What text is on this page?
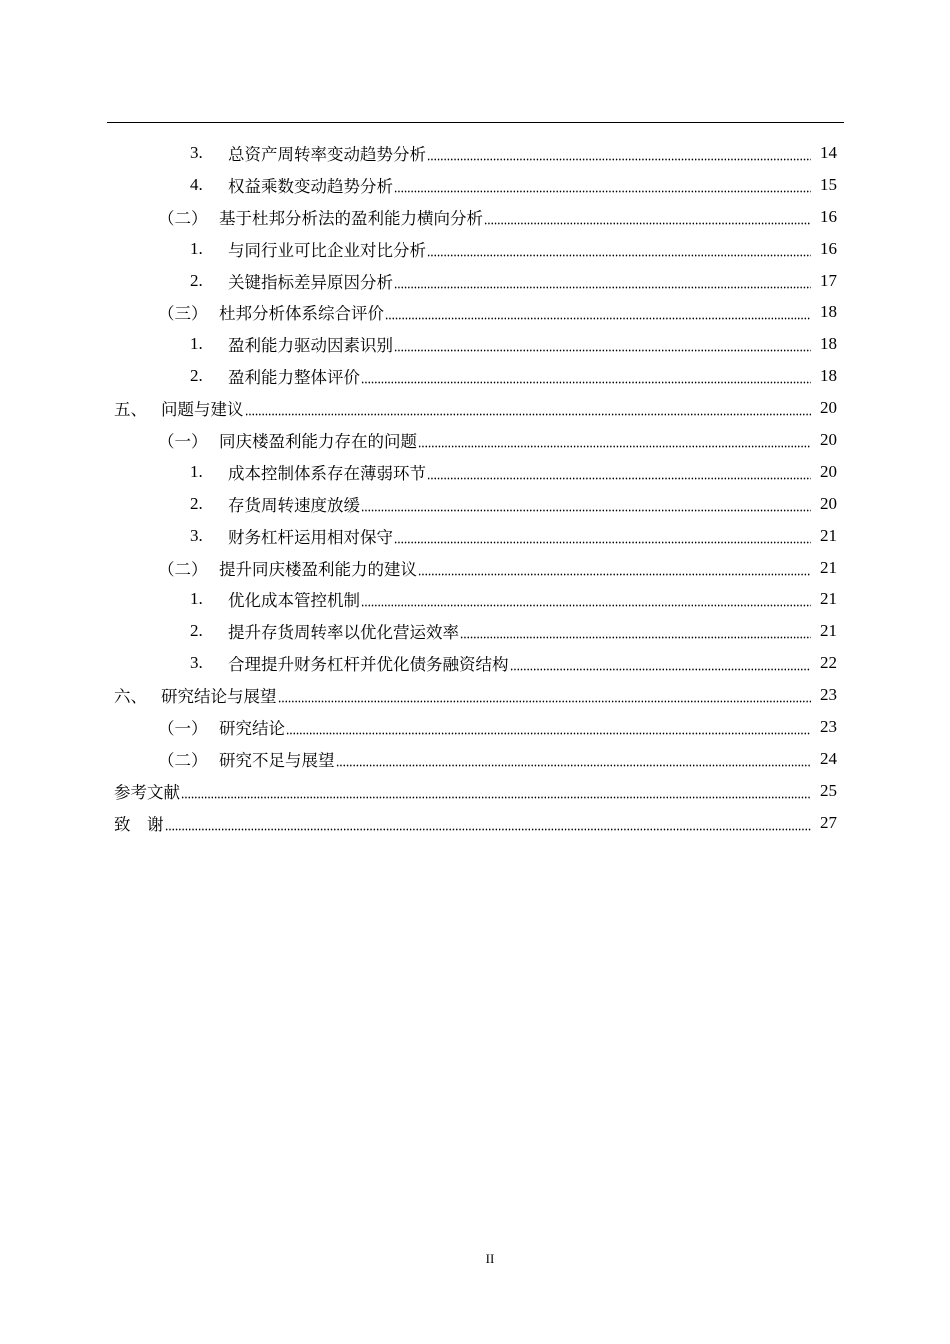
3.	总资产周转率变动趋势分析	14
4.	权益乘数变动趋势分析	15
（二） 基于杜邦分析法的盈利能力横向分析	16
1.	与同行业可比企业对比分析	16
2.	关键指标差异原因分析	17
（三） 杜邦分析体系综合评价	18
1.	盈利能力驱动因素识别	18
2.	盈利能力整体评价	18
五、 问题与建议	20
（一） 同庆楼盈利能力存在的问题	20
1.	成本控制体系存在薄弱环节	20
2.	存货周转速度放缓	20
3.	财务杠杆运用相对保守	21
（二） 提升同庆楼盈利能力的建议	21
1.	优化成本管控机制	21
2.	提升存货周转率以优化营运效率	21
3.	合理提升财务杠杆并优化债务融资结构	22
六、 研究结论与展望	23
（一） 研究结论	23
（二） 研究不足与展望	24
参考文献	25
致　谢	27
II
